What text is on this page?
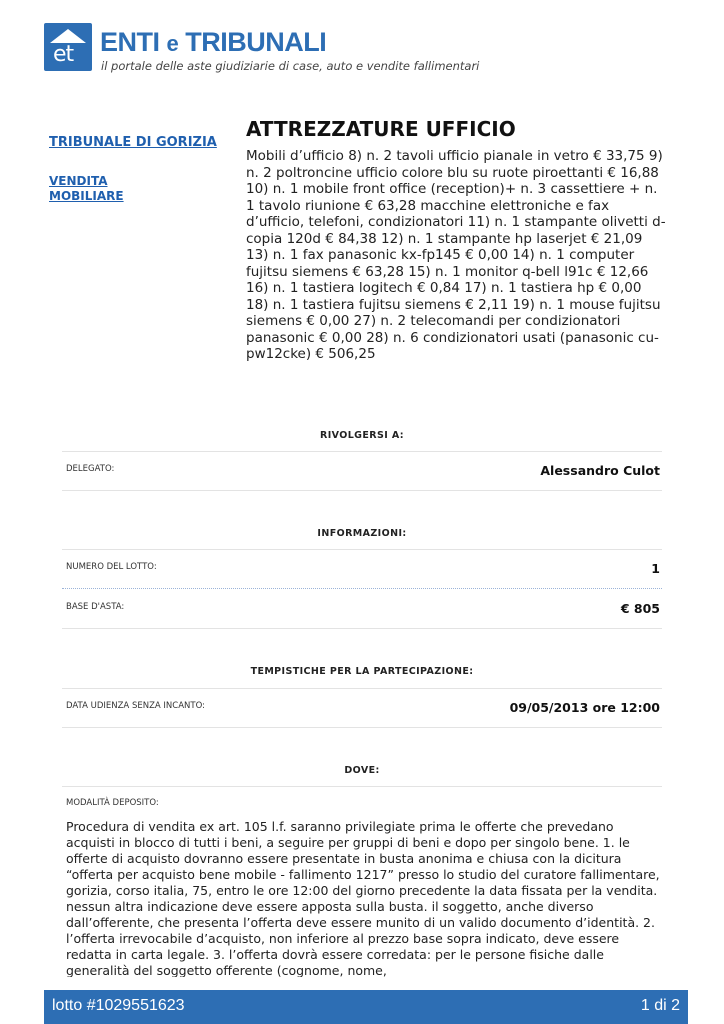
et ENTI e TRIBUNALI
il portale delle aste giudiziarie di case, auto e vendite fallimentari
TRIBUNALE DI GORIZIA
VENDITA MOBILIARE
ATTREZZATURE UFFICIO
Mobili d’ufficio 8) n. 2 tavoli ufficio pianale in vetro € 33,75 9) n. 2 poltroncine ufficio colore blu su ruote piroettanti € 16,88 10) n. 1 mobile front office (reception)+ n. 3 cassettiere + n. 1 tavolo riunione € 63,28 macchine elettroniche e fax d’ufficio, telefoni, condizionatori 11) n. 1 stampante olivetti d-copia 120d € 84,38 12) n. 1 stampante hp laserjet € 21,09 13) n. 1 fax panasonic kx-fp145 € 0,00 14) n. 1 computer fujitsu siemens € 63,28 15) n. 1 monitor q-bell l91c € 12,66 16) n. 1 tastiera logitech € 0,84 17) n. 1 tastiera hp € 0,00 18) n. 1 tastiera fujitsu siemens € 2,11 19) n. 1 mouse fujitsu siemens € 0,00 27) n. 2 telecomandi per condizionatori panasonic € 0,00 28) n. 6 condizionatori usati (panasonic cu-pw12cke) € 506,25
RIVOLGERSI A:
DELEGATO:	Alessandro Culot
INFORMAZIONI:
NUMERO DEL LOTTO:	1
BASE D'ASTA:	€ 805
TEMPISTICHE PER LA PARTECIPAZIONE:
DATA UDIENZA SENZA INCANTO:	09/05/2013 ore 12:00
DOVE:
MODALITÀ DEPOSITO:
Procedura di vendita ex art. 105 l.f. saranno privilegiate prima le offerte che prevedano acquisti in blocco di tutti i beni, a seguire per gruppi di beni e dopo per singolo bene. 1. le offerte di acquisto dovranno essere presentate in busta anonima e chiusa con la dicitura “offerta per acquisto bene mobile - fallimento 1217” presso lo studio del curatore fallimentare, gorizia, corso italia, 75, entro le ore 12:00 del giorno precedente la data fissata per la vendita. nessun altra indicazione deve essere apposta sulla busta. il soggetto, anche diverso dall’offerente, che presenta l’offerta deve essere munito di un valido documento d’identità. 2. l’offerta irrevocabile d’acquisto, non inferiore al prezzo base sopra indicato, deve essere redatta in carta legale. 3. l’offerta dovrà essere corredata: per le persone fisiche dalle generalità del soggetto offerente (cognome, nome,
lotto #1029551623	1 di 2
